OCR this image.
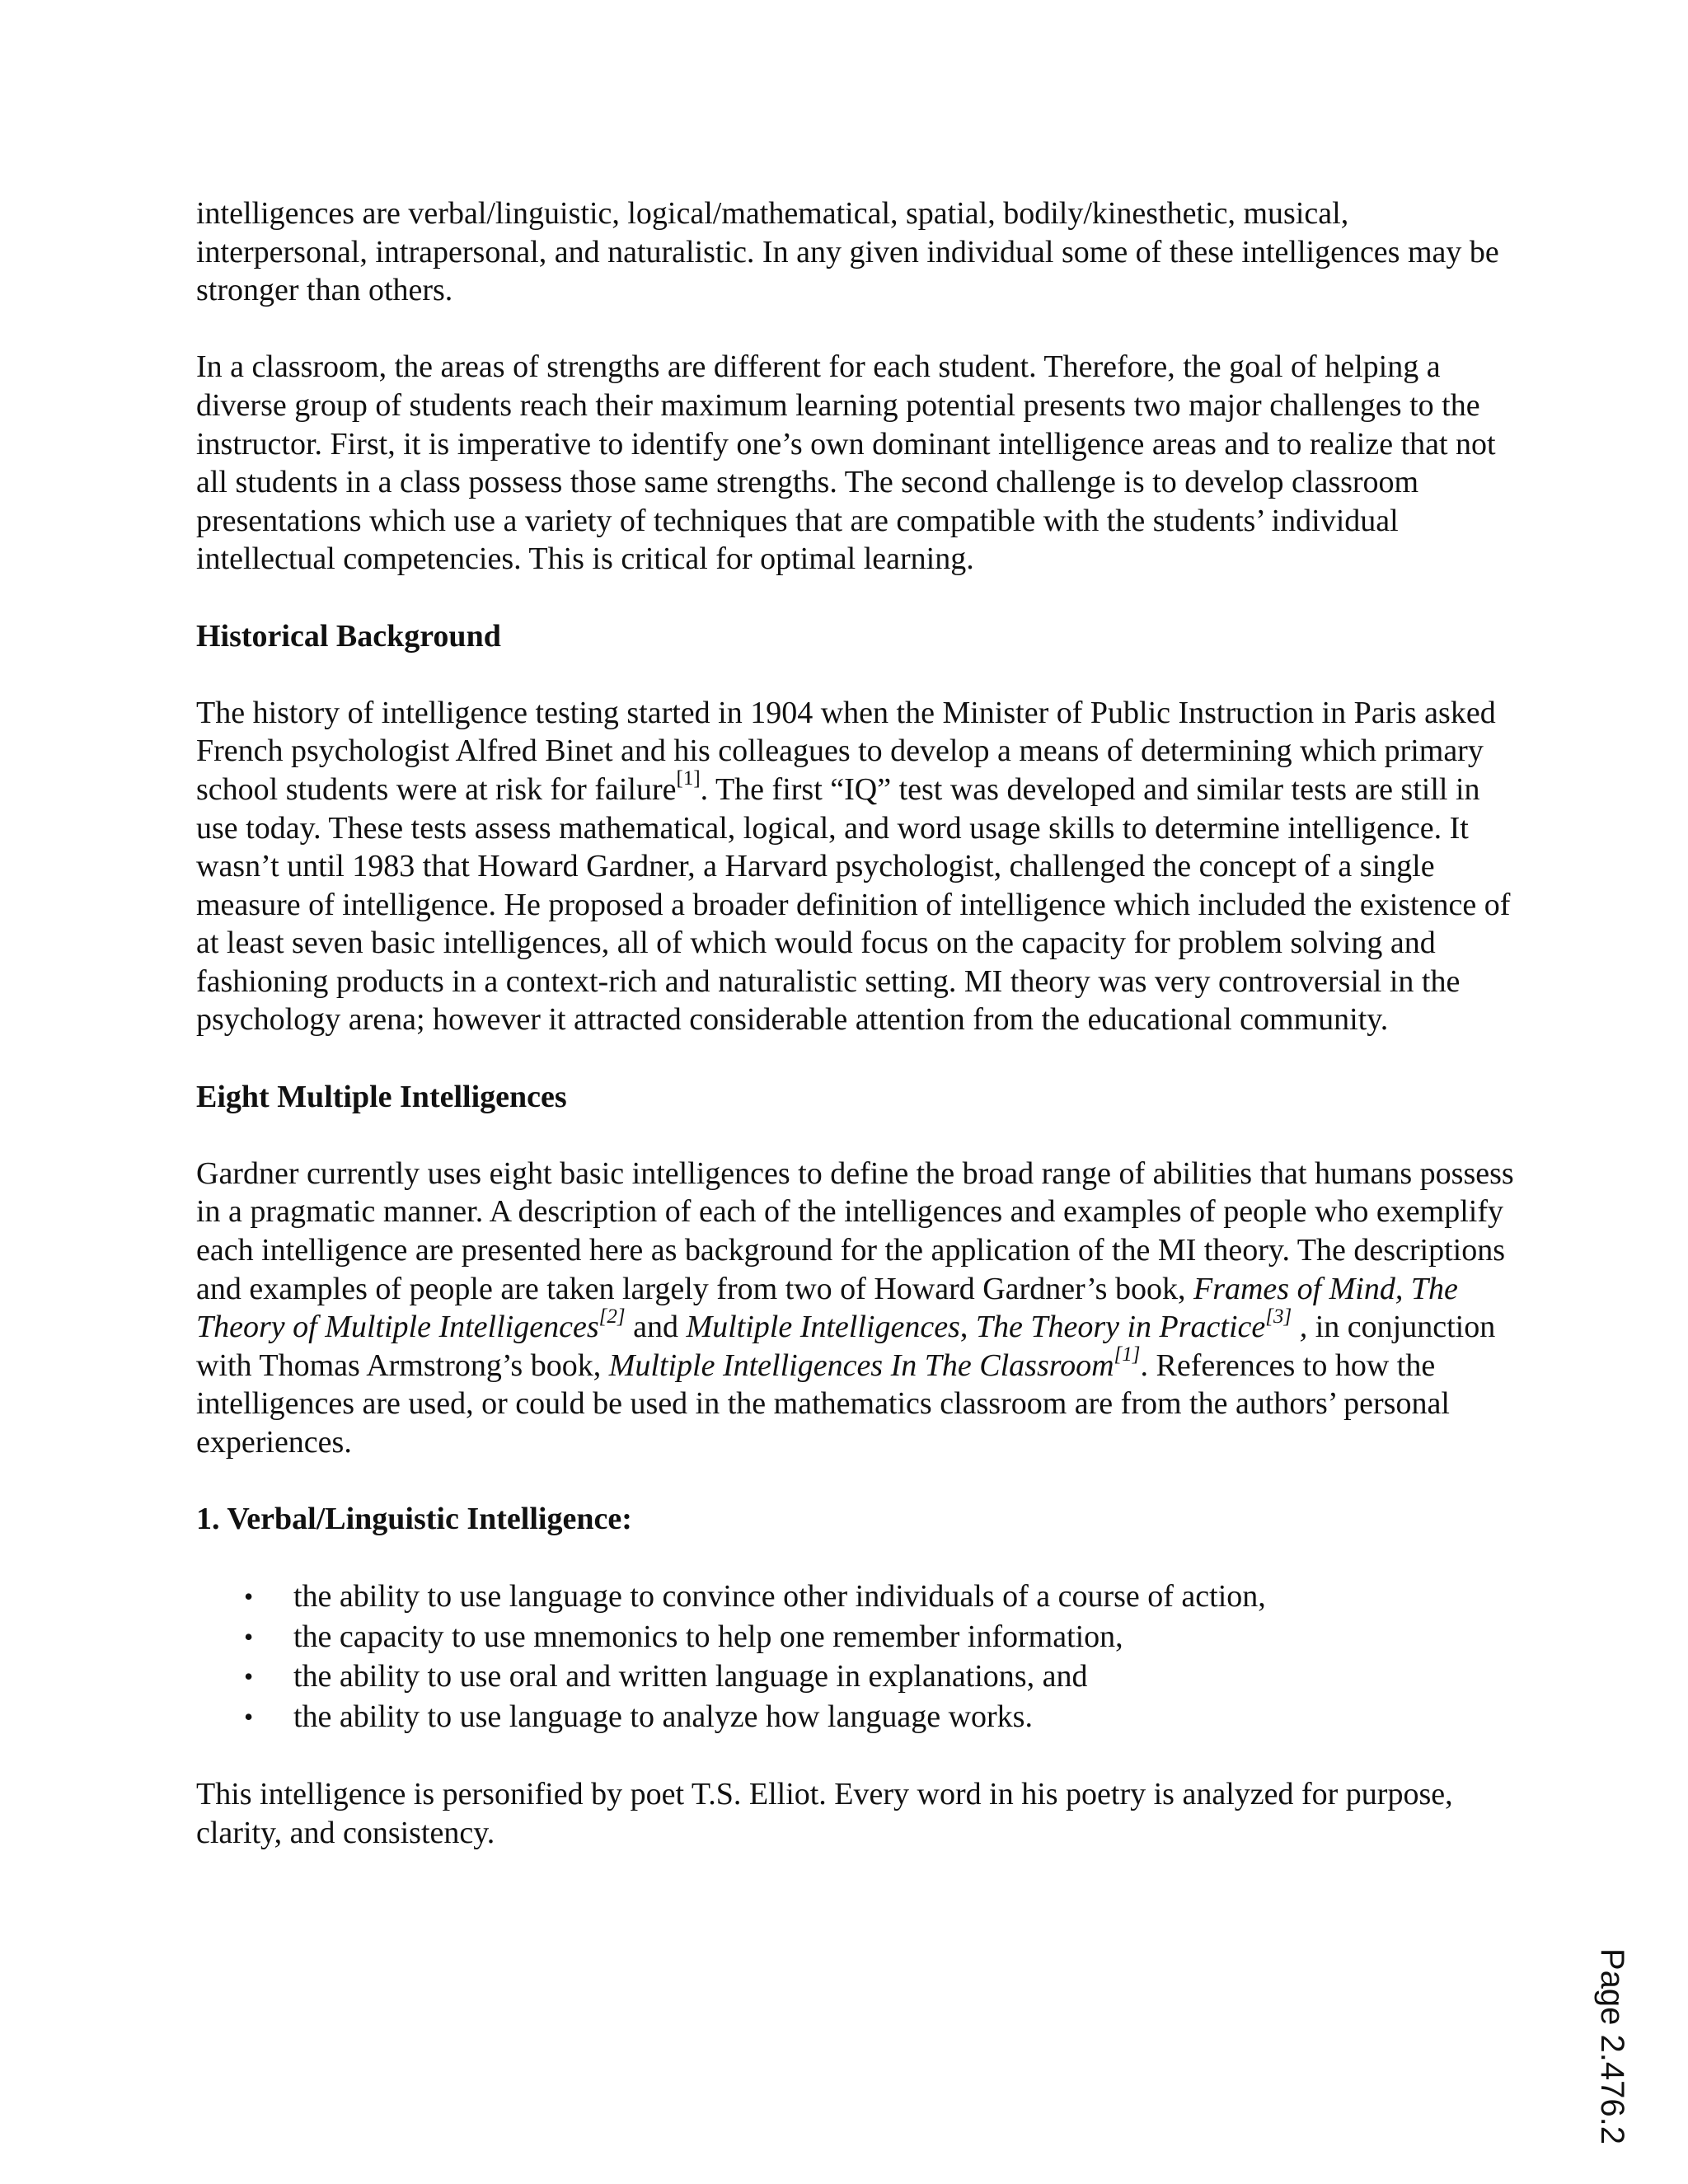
intelligences are verbal/linguistic, logical/mathematical, spatial, bodily/kinesthetic, musical, interpersonal, intrapersonal, and naturalistic. In any given individual some of these intelligences may be stronger than others.

In a classroom, the areas of strengths are different for each student. Therefore, the goal of helping a diverse group of students reach their maximum learning potential presents two major challenges to the instructor. First, it is imperative to identify one’s own dominant intelligence areas and to realize that not all students in a class possess those same strengths. The second challenge is to develop classroom presentations which use a variety of techniques that are compatible with the students’ individual intellectual competencies. This is critical for optimal learning.

Historical Background

The history of intelligence testing started in 1904 when the Minister of Public Instruction in Paris asked French psychologist Alfred Binet and his colleagues to develop a means of determining which primary school students were at risk for failure[1]. The first “IQ” test was developed and similar tests are still in use today. These tests assess mathematical, logical, and word usage skills to determine intelligence. It wasn’t until 1983 that Howard Gardner, a Harvard psychologist, challenged the concept of a single measure of intelligence. He proposed a broader definition of intelligence which included the existence of at least seven basic intelligences, all of which would focus on the capacity for problem solving and fashioning products in a context-rich and naturalistic setting. MI theory was very controversial in the psychology arena; however it attracted considerable attention from the educational community.

Eight Multiple Intelligences

Gardner currently uses eight basic intelligences to define the broad range of abilities that humans possess in a pragmatic manner. A description of each of the intelligences and examples of people who exemplify each intelligence are presented here as background for the application of the MI theory. The descriptions and examples of people are taken largely from two of Howard Gardner’s book, Frames of Mind, The Theory of Multiple Intelligences[2] and Multiple Intelligences, The Theory in Practice[3] , in conjunction with Thomas Armstrong’s book, Multiple Intelligences In The Classroom[1]. References to how the intelligences are used, or could be used in the mathematics classroom are from the authors’ personal experiences.

1. Verbal/Linguistic Intelligence:
• the ability to use language to convince other individuals of a course of action,
• the capacity to use mnemonics to help one remember information,
• the ability to use oral and written language in explanations, and
• the ability to use language to analyze how language works.

This intelligence is personified by poet T.S. Elliot. Every word in his poetry is analyzed for purpose, clarity, and consistency.

Page 2.476.2
